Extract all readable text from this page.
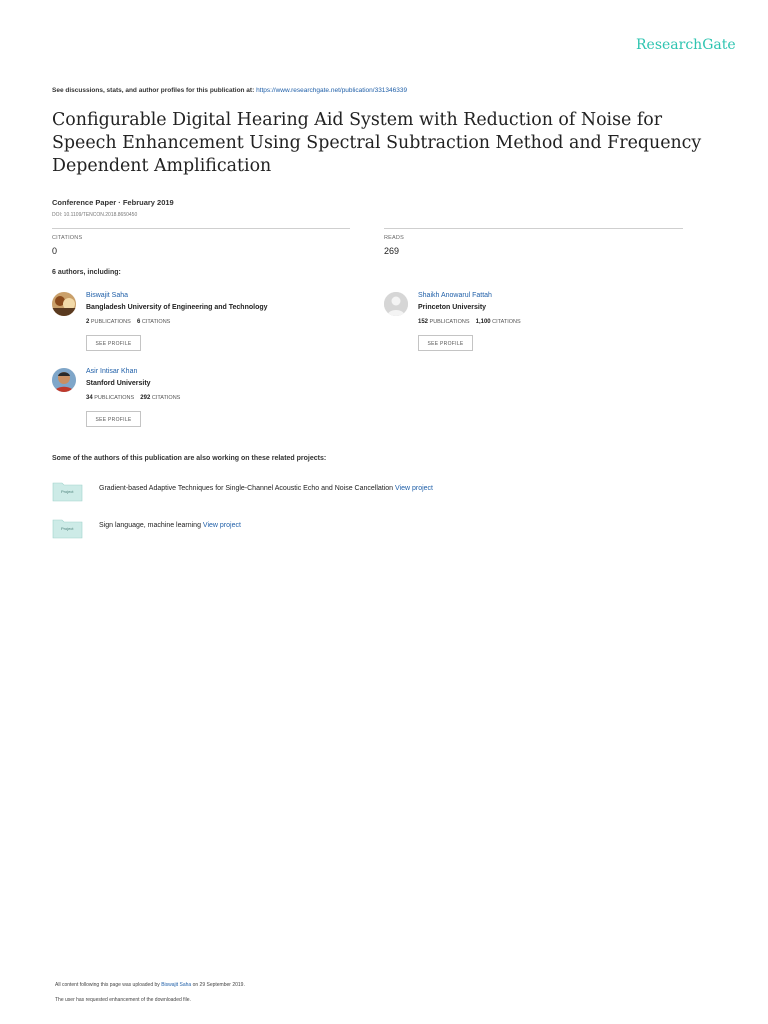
ResearchGate
See discussions, stats, and author profiles for this publication at: https://www.researchgate.net/publication/331346339
Configurable Digital Hearing Aid System with Reduction of Noise for Speech Enhancement Using Spectral Subtraction Method and Frequency Dependent Amplification
Conference Paper · February 2019
DOI: 10.1109/TENCON.2018.8650450
CITATIONS
0
READS
269
6 authors, including:
Biswajit Saha
Bangladesh University of Engineering and Technology
2 PUBLICATIONS 6 CITATIONS
SEE PROFILE
Shaikh Anowarul Fattah
Princeton University
152 PUBLICATIONS 1,100 CITATIONS
SEE PROFILE
Asir Intisar Khan
Stanford University
34 PUBLICATIONS 292 CITATIONS
SEE PROFILE
Some of the authors of this publication are also working on these related projects:
Project	Gradient-based Adaptive Techniques for Single-Channel Acoustic Echo and Noise Cancellation View project
Project	Sign language, machine learning View project
All content following this page was uploaded by Biswajit Saha on 29 September 2019.
The user has requested enhancement of the downloaded file.
